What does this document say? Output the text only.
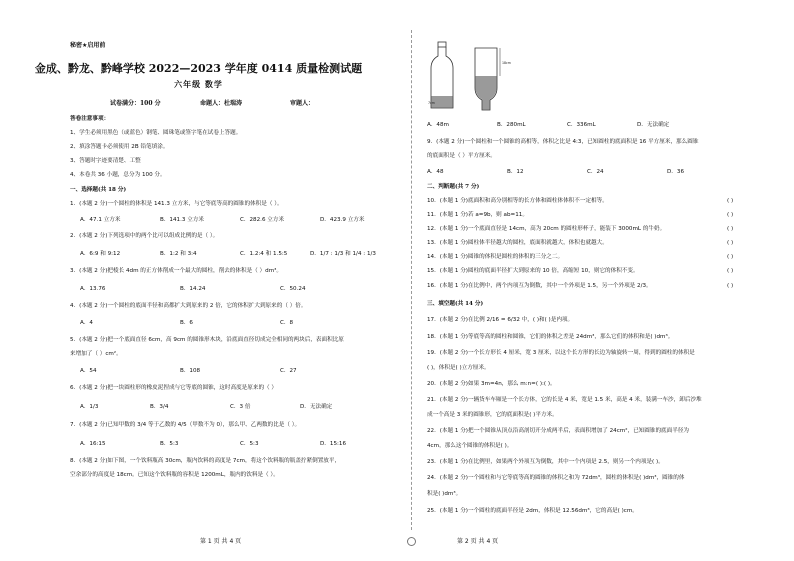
秘密★启用前
金成、黔龙、黔峰学校 2022—2023 学年度 0414 质量检测试题
六年级 数学
试卷满分：100 分	命题人：杜瑞涛	审题人：
答卷注意事项：
1、学生必须用黑色（或蓝色）钢笔、圆珠笔或签字笔在试卷上答题。
2、填涂答题卡必须使用 2B 铅笔填涂。
3、答题时字迹要清楚、工整
4、本卷共 36 小题，总分为 100 分。
一、选择题(共 18 分)
1．(本题 2 分)一个圆柱的体积是 141.3 立方米，与它等底等高的圆锥的体积是（ ）。
A．47.1 立方米	B．141.3 立方米	C．282.6 立方米	D．423.9 立方米
2．(本题 2 分)下列选项中的两个比可以组成比例的是（ ）。
A．6:9 和 9:12	B．1:2 和 3:4	C．1.2:4 和 1.5:5	D．1/7 : 1/3 和 1/4 : 1/3
3．(本题 2 分)把棱长 4dm 的正方体削成一个最大的圆柱，削去的体积是（ ）dm³。
A．13.76	B．14.24	C．50.24
4．(本题 2 分)一个圆柱的底面半径和高都扩大到原来的 2 倍，它的体积扩大到原来的（ ）倍。
A．4	B．6	C．8
5．(本题 2 分)把一个底面直径 6cm，高 9cm 的圆锥形木块，沿底面直径切成完全相同的两块后，表面积比原
来增加了（ ）cm²。
A．54	B．108	C．27
6．(本题 2 分)把一块圆柱形的橡皮泥捏成与它等底的圆锥，这时高度是原来的（ ）
A．1/3	B．3/4	C．3 倍	D．无法确定
7．(本题 2 分)已知甲数的 3/4 等于乙数的 4/5（甲数不为 0），那么甲、乙两数的比是（ ）。
A．16:15	B．5:3	C．5:3	D．15:16
8．(本题 2 分)如下图，一个饮料瓶高 30cm，瓶内饮料的高度是 7cm，将这个饮料瓶的瓶盖拧紧倒置放平，
空余部分的高度是 18cm。已知这个饮料瓶的容积是 1200mL，瓶内的饮料是（ ）。
第 1 页 共 4 页
7cm
18cm
A．48m	B．280mL	C．336mL	D．无法确定
9．(本题 2 分)一个圆柱和一个圆锥的高相等，体积之比是 4:3，已知圆柱的底面积是 16 平方厘米，那么圆锥
的底面积是（ ）平方厘米。
A．48	B．12	C．24	D．36
二、判断题(共 7 分)
10．(本题 1 分)底面积和高分别相等的长方体和圆柱体体积不一定相等。	( )
11．(本题 1 分)若 a=9b，则 ab=11。	( )
12．(本题 1 分)一个底面直径是 14cm，高为 20cm 的圆柱形杯子，能装下 3000mL 的牛奶。	( )
13．(本题 1 分)圆柱体半径越大的圆柱，底面积就越大，体积也就越大。	( )
14．(本题 1 分)圆锥的体积是圆柱的体积的三分之二。	( )
15．(本题 1 分)圆柱的底面半径扩大到原来的 10 倍，高缩短 10，则它的体积不变。	( )
16．(本题 1 分)在比例中，两个内项互为倒数，其中一个外项是 1.5，另一个外项是 2/3。	( )
三、填空题(共 14 分)
17．(本题 2 分)在比例 2/16 = 6/32 中，( )和( )是内项。
18．(本题 1 分)等底等高的圆柱和圆锥，它们的体积之差是 24dm³，那么它们的体积和是( )dm³。
19．(本题 2 分)一个长方形长 4 厘米，宽 3 厘米，以这个长方形的长边为轴旋转一周，得到的圆柱的体积是
( )，体积是( )立方厘米。
20．(本题 2 分)如果 3m=4n，那么 m:n=( ):( )。
21．(本题 2 分)一辆货车车厢是一个长方体，它的长是 4 米，宽是 1.5 米，高是 4 米，装满一车沙，卸后沙堆
成一个高是 3 米的圆锥形，它的底面积是( )平方米。
22．(本题 1 分)把一个圆锥从顶点沿高剖切开分成两半后，表面积增加了 24cm²，已知圆锥的底面半径为
4cm，那么这个圆锥的体积是( )。
23．(本题 1 分)在比例里，如果两个外项互为倒数，其中一个内项是 2.5，则另一个内项是( )。
24．(本题 2 分)一个圆柱和与它等底等高的圆锥的体积之和为 72dm³，圆柱的体积是( )dm³，圆锥的体
积是( )dm³。
25．(本题 1 分)一个圆柱的底面半径是 2dm，体积是 12.56dm³，它的高是( )cm。
第 2 页 共 4 页
